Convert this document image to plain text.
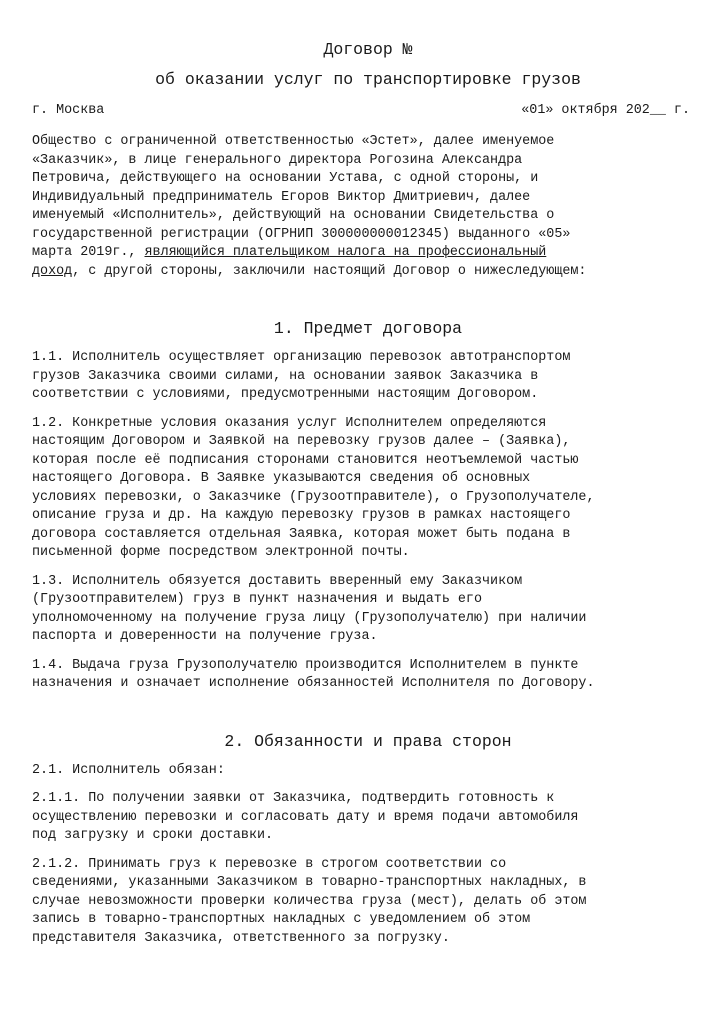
Договор №
об оказании услуг по транспортировке грузов
г. Москва	«01» октября 202__ г.

Общество с ограниченной ответственностью «Эстет», далее именуемое
«Заказчик», в лице генерального директора Рогозина Александра
Петровича, действующего на основании Устава, с одной стороны, и
Индивидуальный предприниматель Егоров Виктор Дмитриевич, далее
именуемый «Исполнитель», действующий на основании Свидетельства о
государственной регистрации (ОГРНИП 300000000012345) выданного «05»
марта 2019г., являющийся плательщиком налога на профессиональный
доход, с другой стороны, заключили настоящий Договор о нижеследующем:

1. Предмет договора

1.1. Исполнитель осуществляет организацию перевозок автотранспортом
грузов Заказчика своими силами, на основании заявок Заказчика в
соответствии с условиями, предусмотренными настоящим Договором.

1.2. Конкретные условия оказания услуг Исполнителем определяются
настоящим Договором и Заявкой на перевозку грузов далее – (Заявка),
которая после её подписания сторонами становится неотъемлемой частью
настоящего Договора. В Заявке указываются сведения об основных
условиях перевозки, о Заказчике (Грузоотправителе), о Грузополучателе,
описание груза и др. На каждую перевозку грузов в рамках настоящего
договора составляется отдельная Заявка, которая может быть подана в
письменной форме посредством электронной почты.

1.3. Исполнитель обязуется доставить вверенный ему Заказчиком
(Грузоотправителем) груз в пункт назначения и выдать его
уполномоченному на получение груза лицу (Грузополучателю) при наличии
паспорта и доверенности на получение груза.

1.4. Выдача груза Грузополучателю производится Исполнителем в пункте
назначения и означает исполнение обязанностей Исполнителя по Договору.

2. Обязанности и права сторон

2.1. Исполнитель обязан:

2.1.1. По получении заявки от Заказчика, подтвердить готовность к
осуществлению перевозки и согласовать дату и время подачи автомобиля
под загрузку и сроки доставки.

2.1.2. Принимать груз к перевозке в строгом соответствии со
сведениями, указанными Заказчиком в товарно-транспортных накладных, в
случае невозможности проверки количества груза (мест), делать об этом
запись в товарно-транспортных накладных с уведомлением об этом
представителя Заказчика, ответственного за погрузку.
